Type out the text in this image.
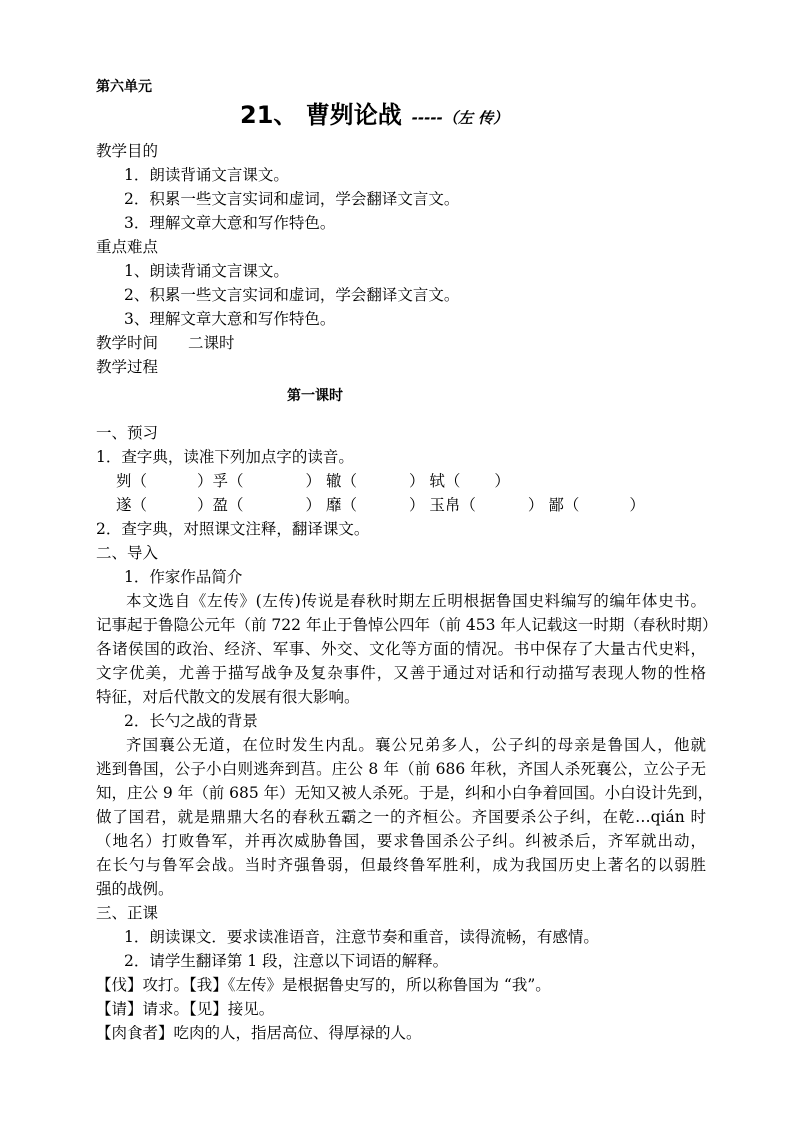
第六单元
21、 曹刿论战 -----（左 传）
教学目的
1．朗读背诵文言课文。
2．积累一些文言实词和虚词，学会翻译文言文。
3．理解文章大意和写作特色。
重点难点
1、朗读背诵文言课文。
2、积累一些文言实词和虚词，学会翻译文言文。
3、理解文章大意和写作特色。
教学时间 二课时
教学过程
第一课时
一、预习
1．查字典，读准下列加点字的读音。
刿（	）孚（	） 辙（	） 轼（ ）
遂（	）盈（	） 靡（	） 玉帛（	） 鄙（	）
2．查字典，对照课文注释，翻译课文。
二、导入
1．作家作品简介
本文选自《左传》(左传)传说是春秋时期左丘明根据鲁国史料编写的编年体史书。
记事起于鲁隐公元年（前 722 年止于鲁悼公四年（前 453 年人记载这一时期（春秋时期）
各诸侯国的政治、经济、军事、外交、文化等方面的情况。书中保存了大量古代史料，
文字优美，尤善于描写战争及复杂事件，又善于通过对话和行动描写表现人物的性格
特征，对后代散文的发展有很大影响。
2．长勺之战的背景
齐国襄公无道，在位时发生内乱。襄公兄弟多人，公子纠的母亲是鲁国人，他就
逃到鲁国，公子小白则逃奔到莒。庄公 8 年（前 686 年秋，齐国人杀死襄公，立公子无
知，庄公 9 年（前 685 年）无知又被人杀死。于是，纠和小白争着回国。小白设计先到，
做了国君，就是鼎鼎大名的春秋五霸之一的齐桓公。齐国要杀公子纠，在乾…qián 时
（地名）打败鲁军，并再次威胁鲁国，要求鲁国杀公子纠。纠被杀后，齐军就出动，
在长勺与鲁军会战。当时齐强鲁弱，但最终鲁军胜利，成为我国历史上著名的以弱胜
强的战例。
三、正课
1．朗读课文．要求读准语音，注意节奏和重音，读得流畅，有感情。
2．请学生翻译第 1 段，注意以下词语的解释。
【伐】攻打。【我】《左传》是根据鲁史写的，所以称鲁国为 “我”。
【请】请求。【见】接见。
【肉食者】吃肉的人，指居高位、得厚禄的人。
